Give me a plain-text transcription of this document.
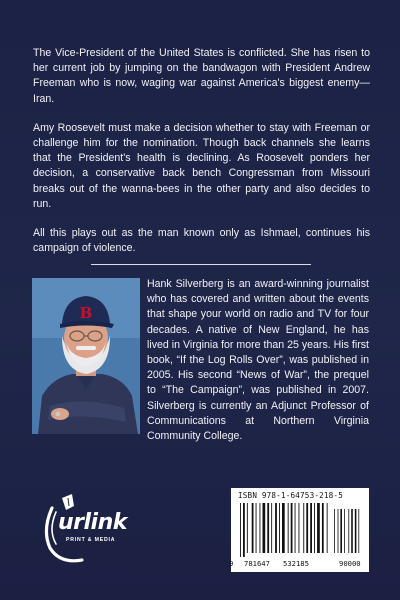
The Vice-President of the United States is conflicted. She has risen to her current job by jumping on the bandwagon with President Andrew Freeman who is now, waging war against America's biggest enemy—Iran.

Amy Roosevelt must make a decision whether to stay with Freeman or challenge him for the nomination. Though back channels she learns that the President's health is declining. As Roosevelt ponders her decision, a conservative back bench Congressman from Missouri breaks out of the wanna-bees in the other party and also decides to run.

All this plays out as the man known only as Ishmael, continues his campaign of violence.

B
Hank Silverberg is an award-winning journalist who has covered and written about the events that shape your world on radio and TV for four decades. A native of New England, he has lived in Virginia for more than 25 years. His first book, “If the Log Rolls Over”, was published in 2005. His second “News of War”, the prequel to “The Campaign”, was published in 2007. Silverberg is currently an Adjunct Professor of Communications at Northern Virginia Community College.
urlink
PRINT & MEDIA
ISBN 978-1-64753-218-5
9 781647 532185	90000
